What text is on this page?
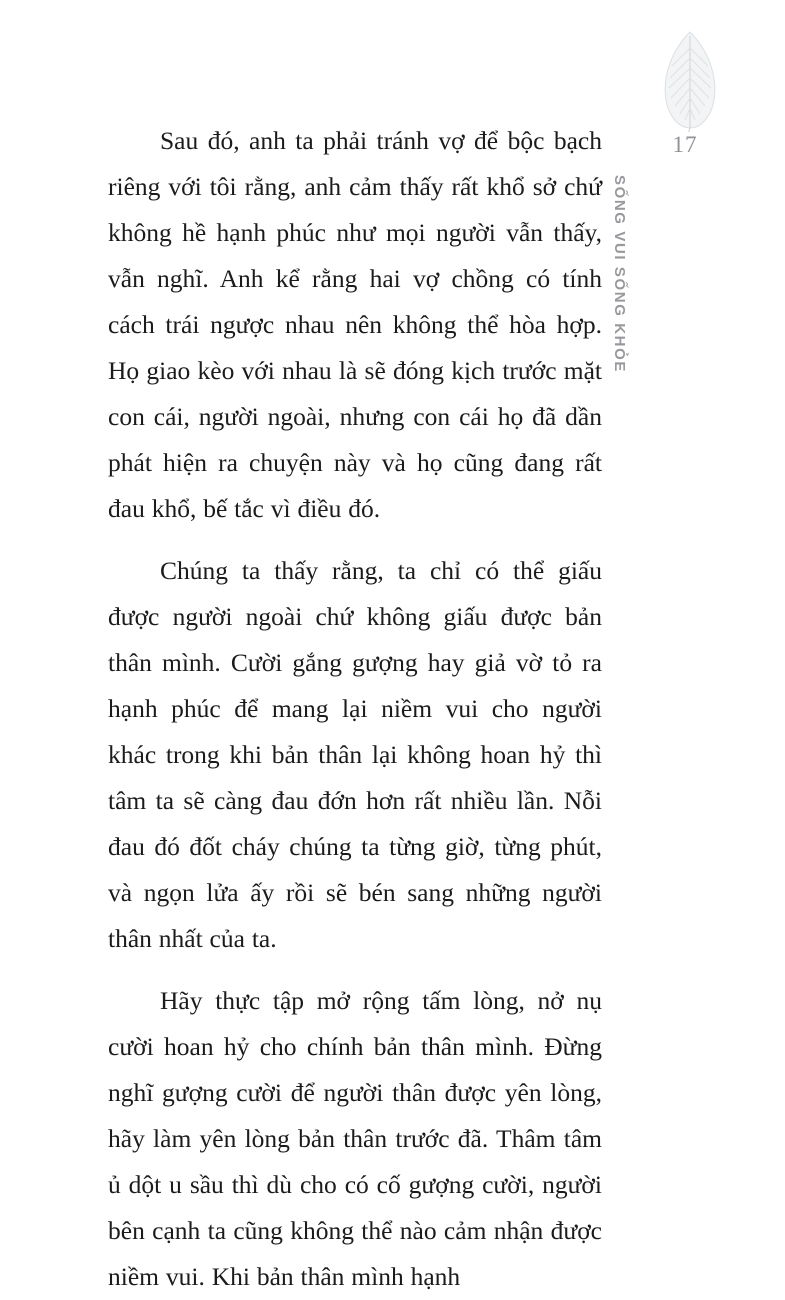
17
SỐNG VUI SỐNG KHỎE

Sau đó, anh ta phải tránh vợ để bộc bạch riêng với tôi rằng, anh cảm thấy rất khổ sở chứ không hề hạnh phúc như mọi người vẫn thấy, vẫn nghĩ. Anh kể rằng hai vợ chồng có tính cách trái ngược nhau nên không thể hòa hợp. Họ giao kèo với nhau là sẽ đóng kịch trước mặt con cái, người ngoài, nhưng con cái họ đã dần phát hiện ra chuyện này và họ cũng đang rất đau khổ, bế tắc vì điều đó.

Chúng ta thấy rằng, ta chỉ có thể giấu được người ngoài chứ không giấu được bản thân mình. Cười gắng gượng hay giả vờ tỏ ra hạnh phúc để mang lại niềm vui cho người khác trong khi bản thân lại không hoan hỷ thì tâm ta sẽ càng đau đớn hơn rất nhiều lần. Nỗi đau đó đốt cháy chúng ta từng giờ, từng phút, và ngọn lửa ấy rồi sẽ bén sang những người thân nhất của ta.

Hãy thực tập mở rộng tấm lòng, nở nụ cười hoan hỷ cho chính bản thân mình. Đừng nghĩ gượng cười để người thân được yên lòng, hãy làm yên lòng bản thân trước đã. Thâm tâm ủ dột u sầu thì dù cho có cố gượng cười, người bên cạnh ta cũng không thể nào cảm nhận được niềm vui. Khi bản thân mình hạnh
